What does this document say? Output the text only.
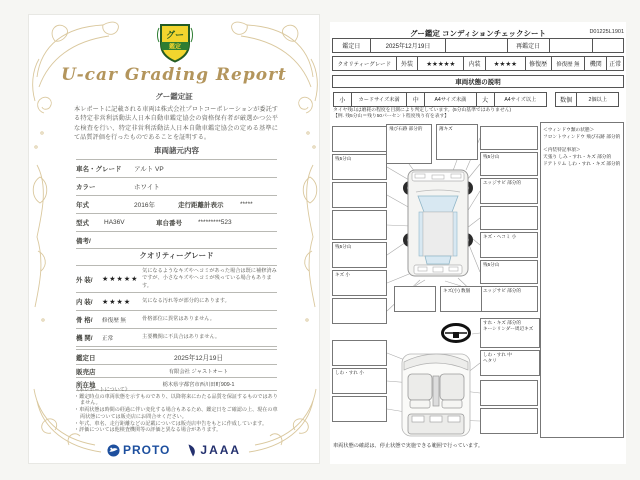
グー
鑑定
U-car Grading Report
グー鑑定証
本レポートに記載される車両は株式会社プロトコーポレーションが委託する特定非営利活動法人日本自動車鑑定協会の資格保有者が厳選かつ公平な検査を行い、特定非営利活動法人日本自動車鑑定協会の定める基準にて品質評価を行ったものであることを証明する。
車両諸元内容
車名・グレード	アルト VP
カラー	ホワイト
年式	2016年	走行距離計表示	*****
型式	HA36V	車台番号	*********523
備考/
クオリティーグレード
外 装/	★★★★★
気になるようなキズやヘコミがあった場合は既に補修済みですが、小さなキズやヘコミが残っている場合もあります。
内 装/	★★★★	気になる汚れ等が部分的にあります。
骨 格/	修復歴 無	骨格部位に異常はありません。
機 関/	正常	主要機関に不具合はありません。
鑑定日	2025年12月19日
販売店	有限会社 ジャストオート
所在地	栃木県宇都宮市西川田町909-1
《本レポートについて》
・鑑定時点の車両状態を示すものであり、以降将来にわたる品質を保証するものではありません。
・車両状態は時間の経過に伴い変化する場合もあるため、鑑定日をご確認の上、現在の車両状態については販売店にお問合せください。
・年式、車名、走行距離などの記載については販売店申告をもとに作成しています。
・評価については他検査機関等の評価と異なる場合があります。
PROTO	JAAA
グー鑑定 コンディションチェックシート	D01225L1901
鑑定日	2025年12月19日	再鑑定日
クオリティーグレード	外装	★★★★★	内装	★★★★	修復歴	修復歴 無	機関	正常
車両状態の説明
小	カードサイズ未満	中	A4サイズ未満	大	A4サイズ以上	数個	2個以上
タイヤ残山は磨耗の程度を目測により判定しています。(5分山基準ではありません)
【例. 残5分山＝残り50パーセント程度残り有を表す】
残5分山
残5分山
キズ 小
飛び石跡 部分的	薄キズ
残5分山
エッジサビ 部分的
キズ・ヘコミ 小
残5分山
エッジサビ 部分的
キズ(小) 数個
すれ・キズ 部分的
キーシリンダー周辺キズ
しわ・すれ 中
ヘタリ
しわ・すれ 小
＜ウィンドウ類の状態＞
フロントウィンドウ 飛び石跡 部分的
＜内装特記事項＞
天張り しみ・すれ・キズ 部分的
ドアトリム しわ・すれ・キズ 部分的
車両状態の確認は、停止状態で実施できる範囲で行っています。
